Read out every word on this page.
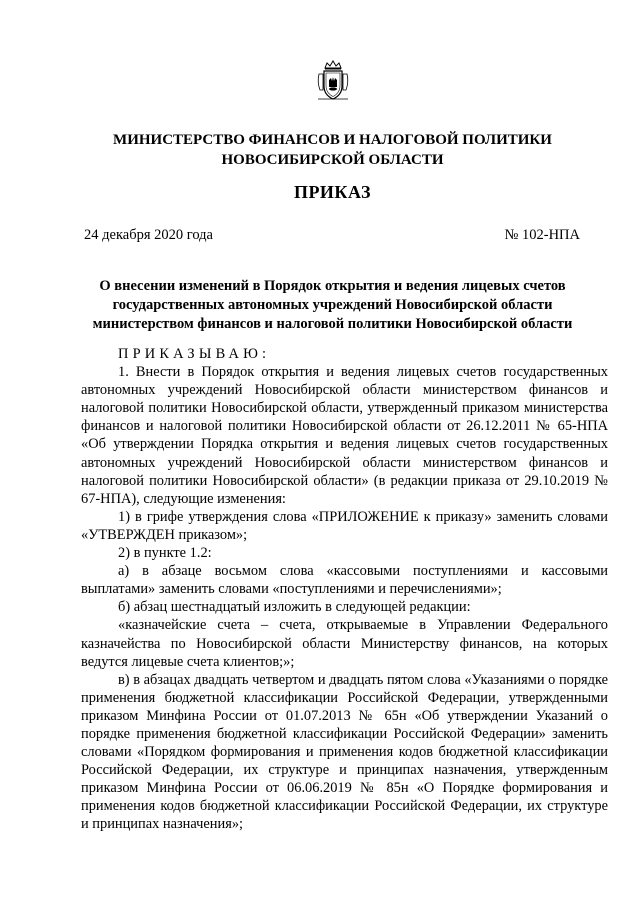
МИНИСТЕРСТВО ФИНАНСОВ И НАЛОГОВОЙ ПОЛИТИКИ
НОВОСИБИРСКОЙ ОБЛАСТИ
ПРИКАЗ
24 декабря 2020 года	№ 102-НПА
О внесении изменений в Порядок открытия и ведения лицевых счетов
государственных автономных учреждений Новосибирской области
министерством финансов и налоговой политики Новосибирской области

ПРИКАЗЫВАЮ:

1. Внести в Порядок открытия и ведения лицевых счетов государственных автономных учреждений Новосибирской области министерством финансов и налоговой политики Новосибирской области, утвержденный приказом министерства финансов и налоговой политики Новосибирской области от 26.12.2011 № 65-НПА «Об утверждении Порядка открытия и ведения лицевых счетов государственных автономных учреждений Новосибирской области министерством финансов и налоговой политики Новосибирской области» (в редакции приказа от 29.10.2019 № 67-НПА), следующие изменения:

1) в грифе утверждения слова «ПРИЛОЖЕНИЕ к приказу» заменить словами «УТВЕРЖДЕН приказом»;

2) в пункте 1.2:

а) в абзаце восьмом слова «кассовыми поступлениями и кассовыми выплатами» заменить словами «поступлениями и перечислениями»;

б) абзац шестнадцатый изложить в следующей редакции:

«казначейские счета – счета, открываемые в Управлении Федерального казначейства по Новосибирской области Министерству финансов, на которых ведутся лицевые счета клиентов;»;

в) в абзацах двадцать четвертом и двадцать пятом слова «Указаниями о порядке применения бюджетной классификации Российской Федерации, утвержденными приказом Минфина России от 01.07.2013 № 65н «Об утверждении Указаний о порядке применения бюджетной классификации Российской Федерации» заменить словами «Порядком формирования и применения кодов бюджетной классификации Российской Федерации, их структуре и принципах назначения, утвержденным приказом Минфина России от 06.06.2019 № 85н «О Порядке формирования и применения кодов бюджетной классификации Российской Федерации, их структуре и принципах назначения»;
